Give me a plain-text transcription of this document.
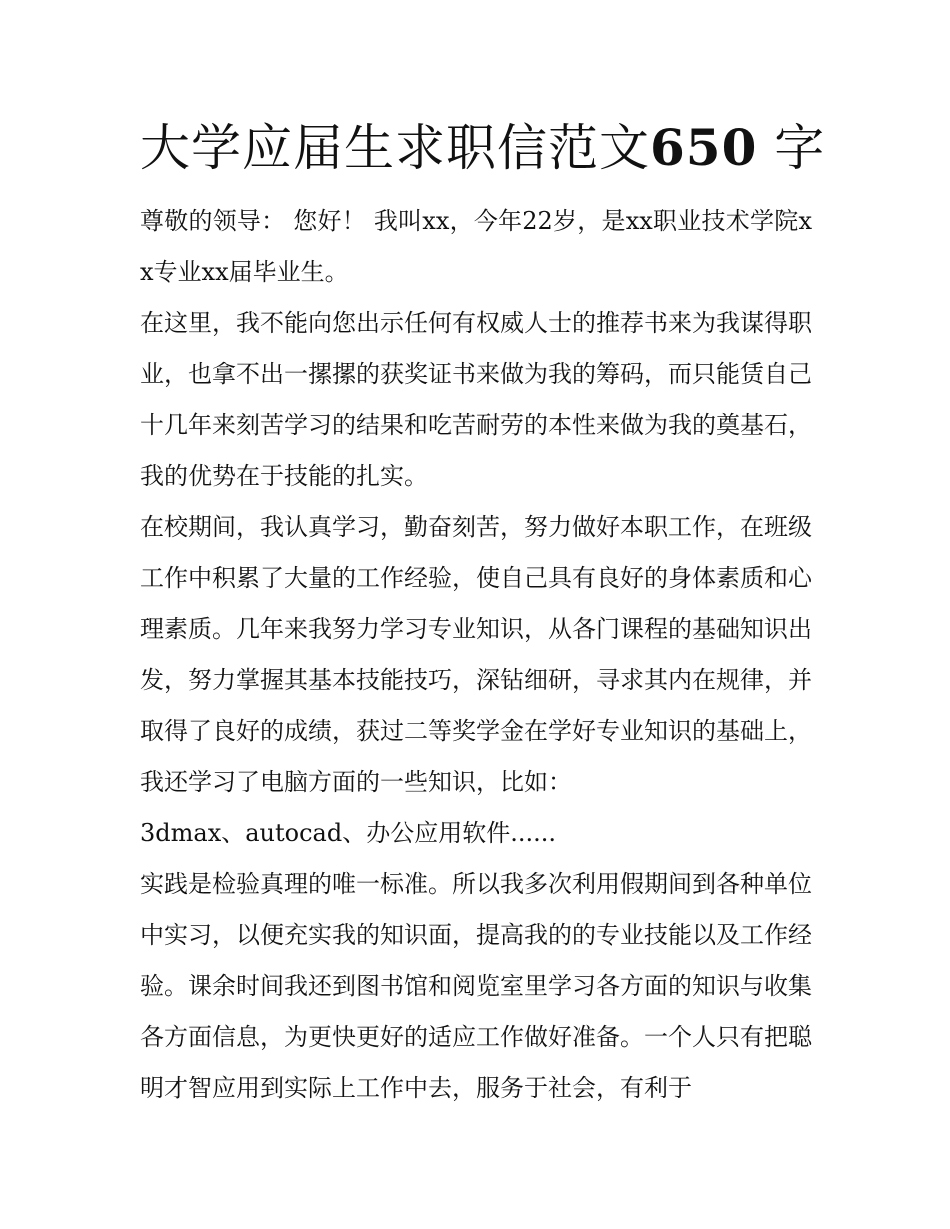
大学应届生求职信范文650 字

尊敬的领导： 您好！ 我叫xx，今年22岁，是xx职业技术学院xx专业xx届毕业生。

在这里，我不能向您出示任何有权威人士的推荐书来为我谋得职业，也拿不出一摞摞的获奖证书来做为我的筹码，而只能赁自己十几年来刻苦学习的结果和吃苦耐劳的本性来做为我的奠基石，我的优势在于技能的扎实。

在校期间，我认真学习，勤奋刻苦，努力做好本职工作，在班级工作中积累了大量的工作经验，使自己具有良好的身体素质和心理素质。几年来我努力学习专业知识，从各门课程的基础知识出发，努力掌握其基本技能技巧，深钻细研，寻求其内在规律，并取得了良好的成绩，获过二等奖学金在学好专业知识的基础上，我还学习了电脑方面的一些知识，比如：

3dmax、autocad、办公应用软件......

实践是检验真理的唯一标准。所以我多次利用假期间到各种单位中实习，以便充实我的知识面，提高我的的专业技能以及工作经验。课余时间我还到图书馆和阅览室里学习各方面的知识与收集各方面信息，为更快更好的适应工作做好准备。一个人只有把聪明才智应用到实际上工作中去，服务于社会，有利于
